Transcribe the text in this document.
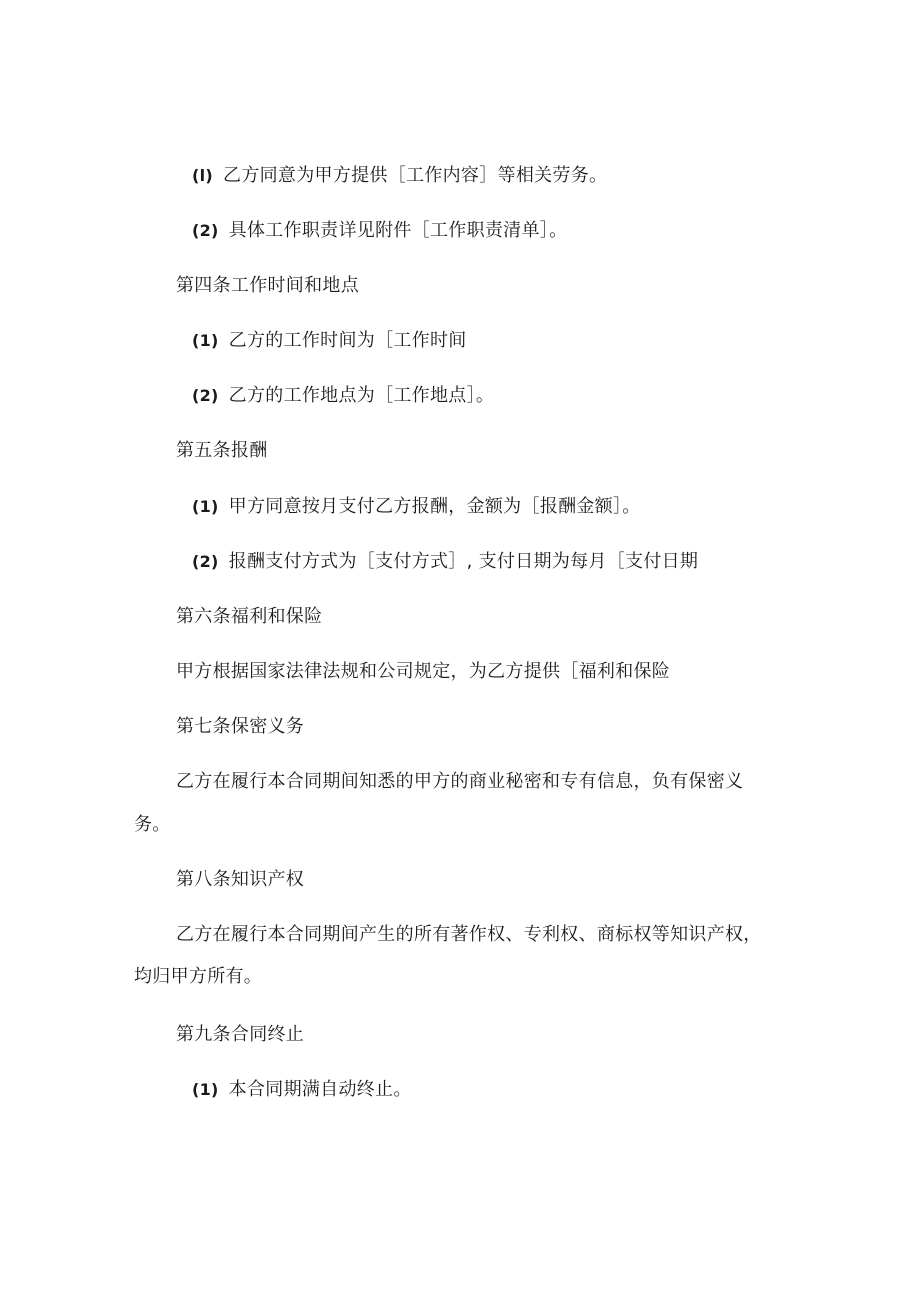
(l) 乙方同意为甲方提供［工作内容］等相关劳务。
(2) 具体工作职责详见附件［工作职责清单］。
第四条工作时间和地点
(1) 乙方的工作时间为［工作时间
(2) 乙方的工作地点为［工作地点］。
第五条报酬
(1) 甲方同意按月支付乙方报酬，金额为［报酬金额］。
(2) 报酬支付方式为［支付方式］, 支付日期为每月［支付日期
第六条福利和保险
甲方根据国家法律法规和公司规定，为乙方提供［福利和保险
第七条保密义务
乙方在履行本合同期间知悉的甲方的商业秘密和专有信息，负有保密义
务。
第八条知识产权
乙方在履行本合同期间产生的所有著作权、专利权、商标权等知识产权，
均归甲方所有。
第九条合同终止
(1) 本合同期满自动终止。
